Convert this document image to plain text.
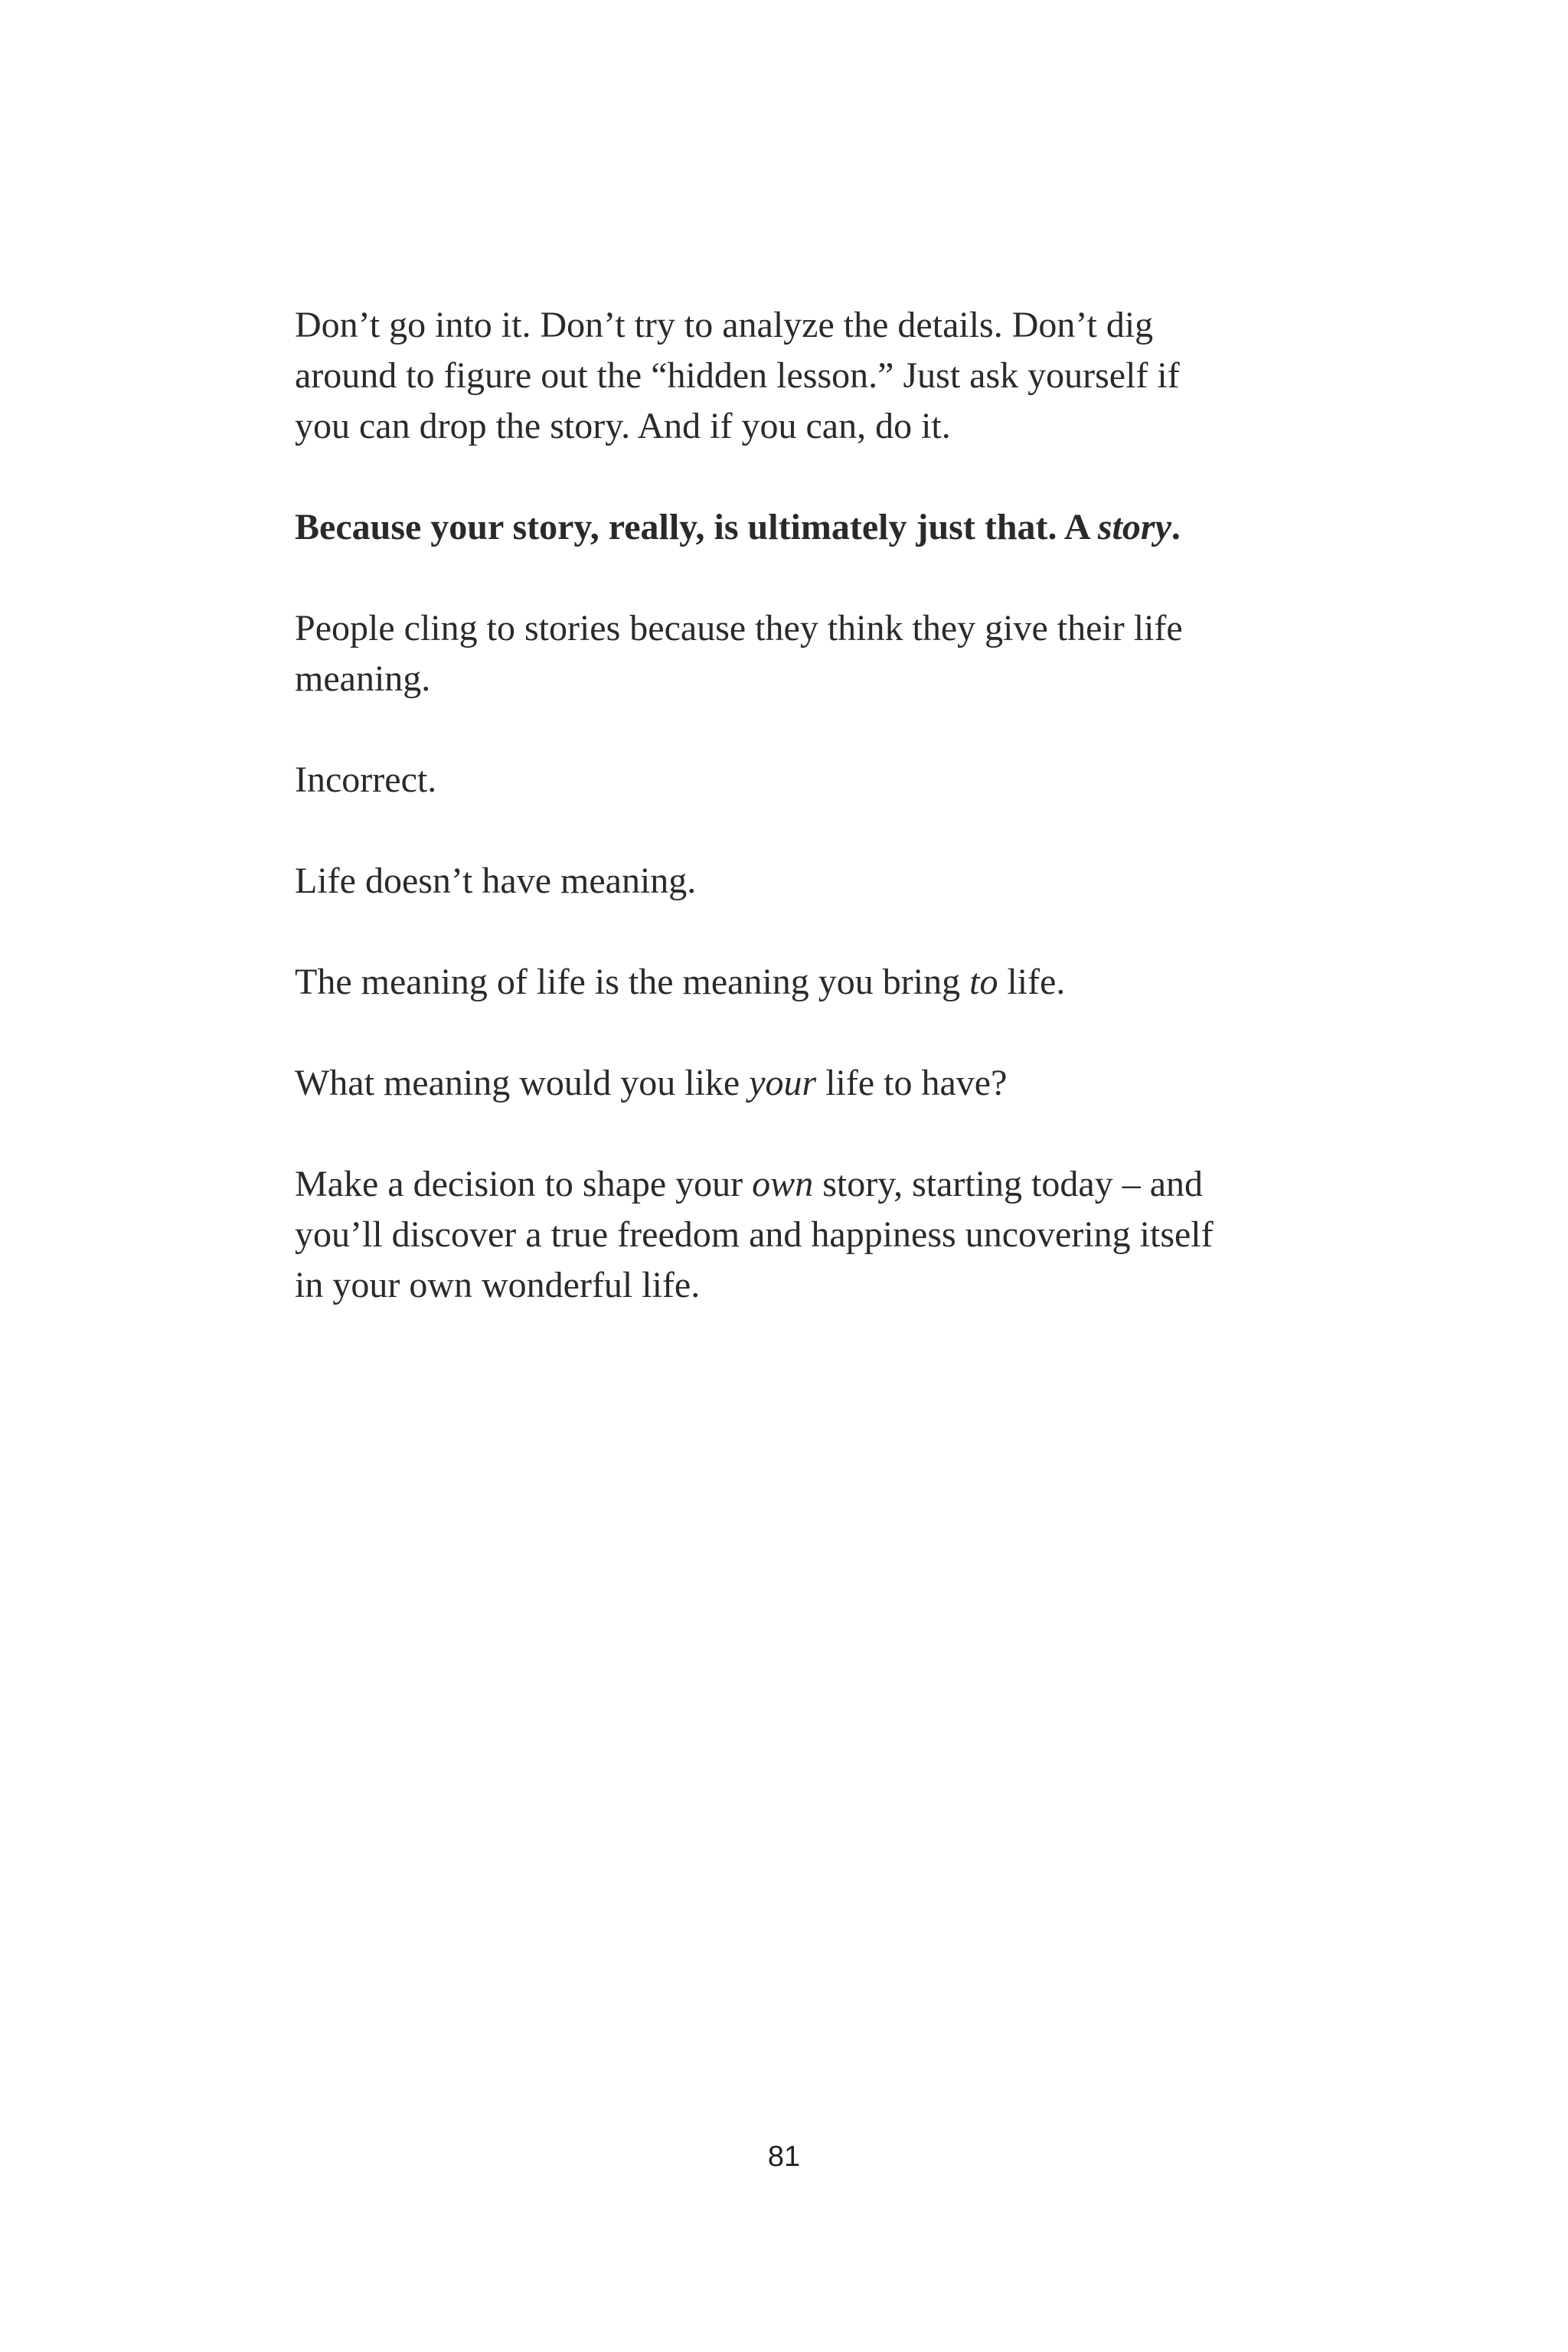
Don’t go into it. Don’t try to analyze the details. Don’t dig
around to figure out the “hidden lesson.” Just ask yourself if
you can drop the story. And if you can, do it.

Because your story, really, is ultimately just that. A story.

People cling to stories because they think they give their life
meaning.

Incorrect.

Life doesn’t have meaning.

The meaning of life is the meaning you bring to life.

What meaning would you like your life to have?

Make a decision to shape your own story, starting today – and
you’ll discover a true freedom and happiness uncovering itself
in your own wonderful life.

81
